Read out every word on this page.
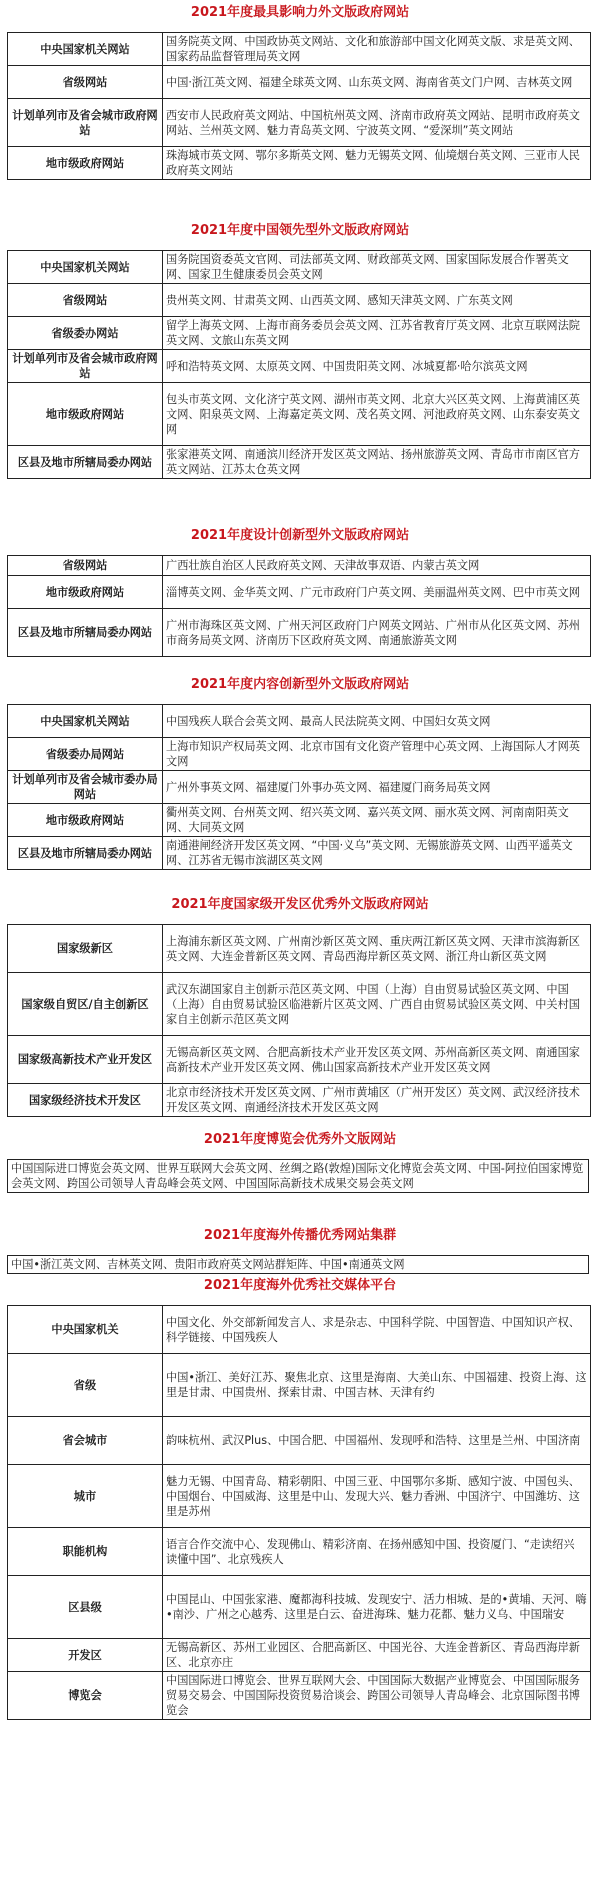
2021年度最具影响力外文版政府网站

中央国家机关网站	国务院英文网、中国政协英文网站、文化和旅游部中国文化网英文版、求是英文网、国家药品监督管理局英文网
省级网站	中国·浙江英文网、福建全球英文网、山东英文网、海南省英文门户网、吉林英文网
计划单列市及省会城市政府网站	西安市人民政府英文网站、中国杭州英文网、济南市政府英文网站、昆明市政府英文网站、兰州英文网、魅力青岛英文网、宁波英文网、“爱深圳”英文网站
地市级政府网站	珠海城市英文网、鄂尔多斯英文网、魅力无锡英文网、仙境烟台英文网、三亚市人民政府英文网站

2021年度中国领先型外文版政府网站

中央国家机关网站	国务院国资委英文官网、司法部英文网、财政部英文网、国家国际发展合作署英文网、国家卫生健康委员会英文网
省级网站	贵州英文网、甘肃英文网、山西英文网、感知天津英文网、广东英文网
省级委办网站	留学上海英文网、上海市商务委员会英文网、江苏省教育厅英文网、北京互联网法院英文网、文旅山东英文网
计划单列市及省会城市政府网站	呼和浩特英文网、太原英文网、中国贵阳英文网、冰城夏都·哈尔滨英文网
地市级政府网站	包头市英文网、文化济宁英文网、湖州市英文网、北京大兴区英文网、上海黄浦区英文网、阳泉英文网、上海嘉定英文网、茂名英文网、河池政府英文网、山东泰安英文网
区县及地市所辖局委办网站	张家港英文网、南通滨川经济开发区英文网站、扬州旅游英文网、青岛市市南区官方英文网站、江苏太仓英文网

2021年度设计创新型外文版政府网站

省级网站	广西壮族自治区人民政府英文网、天津故事双语、内蒙古英文网
地市级政府网站	淄博英文网、金华英文网、广元市政府门户英文网、美丽温州英文网、巴中市英文网
区县及地市所辖局委办网站	广州市海珠区英文网、广州天河区政府门户网英文网站、广州市从化区英文网、苏州市商务局英文网、济南历下区政府英文网、南通旅游英文网

2021年度内容创新型外文版政府网站

中央国家机关网站	中国残疾人联合会英文网、最高人民法院英文网、中国妇女英文网
省级委办局网站	上海市知识产权局英文网、北京市国有文化资产管理中心英文网、上海国际人才网英文网
计划单列市及省会城市委办局网站	广州外事英文网、福建厦门外事办英文网、福建厦门商务局英文网
地市级政府网站	衢州英文网、台州英文网、绍兴英文网、嘉兴英文网、丽水英文网、河南南阳英文网、大同英文网
区县及地市所辖局委办网站	南通港闸经济开发区英文网、“中国·义乌”英文网、无锡旅游英文网、山西平遥英文网、江苏省无锡市滨湖区英文网

2021年度国家级开发区优秀外文版政府网站

国家级新区	上海浦东新区英文网、广州南沙新区英文网、重庆两江新区英文网、天津市滨海新区英文网、大连金普新区英文网、青岛西海岸新区英文网、浙江舟山新区英文网
国家级自贸区/自主创新区	武汉东湖国家自主创新示范区英文网、中国（上海）自由贸易试验区英文网、中国（上海）自由贸易试验区临港新片区英文网、广西自由贸易试验区英文网、中关村国家自主创新示范区英文网
国家级高新技术产业开发区	无锡高新区英文网、合肥高新技术产业开发区英文网、苏州高新区英文网、南通国家高新技术产业开发区英文网、佛山国家高新技术产业开发区英文网
国家级经济技术开发区	北京市经济技术开发区英文网、广州市黄埔区（广州开发区）英文网、武汉经济技术开发区英文网、南通经济技术开发区英文网

2021年度博览会优秀外文版网站

中国国际进口博览会英文网、世界互联网大会英文网、丝绸之路(敦煌)国际文化博览会英文网、中国-阿拉伯国家博览会英文网、跨国公司领导人青岛峰会英文网、中国国际高新技术成果交易会英文网

2021年度海外传播优秀网站集群

中国•浙江英文网、吉林英文网、贵阳市政府英文网站群矩阵、中国•南通英文网

2021年度海外优秀社交媒体平台

中央国家机关	中国文化、外交部新闻发言人、求是杂志、中国科学院、中国智造、中国知识产权、科学链接、中国残疾人
省级	中国•浙江、美好江苏、聚焦北京、这里是海南、大美山东、中国福建、投资上海、这里是甘肃、中国贵州、探索甘肃、中国吉林、天津有约
省会城市	韵味杭州、武汉Plus、中国合肥、中国福州、发现呼和浩特、这里是兰州、中国济南
城市	魅力无锡、中国青岛、精彩朝阳、中国三亚、中国鄂尔多斯、感知宁波、中国包头、中国烟台、中国威海、这里是中山、发现大兴、魅力香洲、中国济宁、中国潍坊、这里是苏州
职能机构	语言合作交流中心、发现佛山、精彩济南、在扬州感知中国、投资厦门、“走读绍兴 读懂中国”、北京残疾人
区县级	中国昆山、中国张家港、魔都海科技城、发现安宁、活力相城、是的•黄埔、天河、嗨•南沙、广州之心越秀、这里是白云、奋进海珠、魅力花都、魅力义乌、中国瑞安
开发区	无锡高新区、苏州工业园区、合肥高新区、中国光谷、大连金普新区、青岛西海岸新区、北京亦庄
博览会	中国国际进口博览会、世界互联网大会、中国国际大数据产业博览会、中国国际服务贸易交易会、中国国际投资贸易洽谈会、跨国公司领导人青岛峰会、北京国际图书博览会
